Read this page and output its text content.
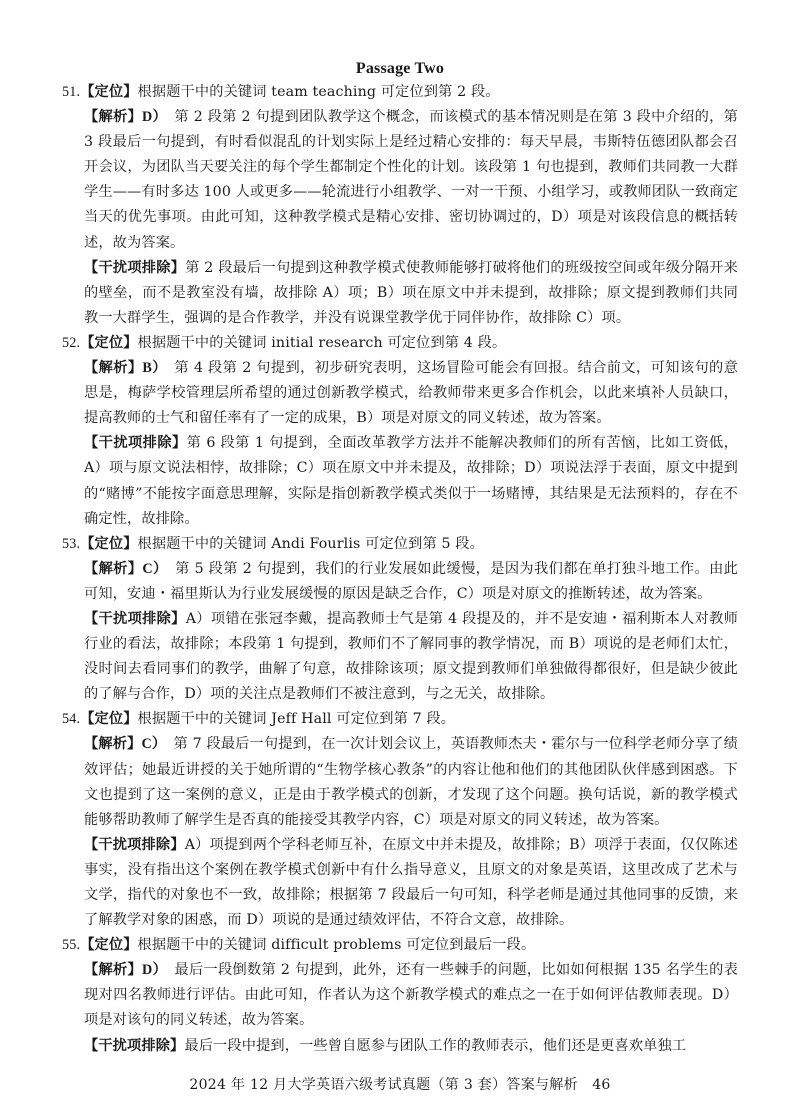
Passage Two

51.【定位】根据题干中的关键词 team teaching 可定位到第 2 段。

【解析】D）　第 2 段第 2 句提到团队教学这个概念，而该模式的基本情况则是在第 3 段中介绍的，第 3 段最后一句提到，有时看似混乱的计划实际上是经过精心安排的：每天早晨，韦斯特伍德团队都会召开会议，为团队当天要关注的每个学生都制定个性化的计划。该段第 1 句也提到，教师们共同教一大群学生——有时多达 100 人或更多——轮流进行小组教学、一对一干预、小组学习，或教师团队一致商定当天的优先事项。由此可知，这种教学模式是精心安排、密切协调过的，D）项是对该段信息的概括转述，故为答案。

【干扰项排除】第 2 段最后一句提到这种教学模式使教师能够打破将他们的班级按空间或年级分隔开来的壁垒，而不是教室没有墙，故排除 A）项；B）项在原文中并未提到，故排除；原文提到教师们共同教一大群学生，强调的是合作教学，并没有说课堂教学优于同伴协作，故排除 C）项。

52.【定位】根据题干中的关键词 initial research 可定位到第 4 段。

【解析】B）　第 4 段第 2 句提到，初步研究表明，这场冒险可能会有回报。结合前文，可知该句的意思是，梅萨学校管理层所希望的通过创新教学模式，给教师带来更多合作机会，以此来填补人员缺口，提高教师的士气和留任率有了一定的成果，B）项是对原文的同义转述，故为答案。

【干扰项排除】第 6 段第 1 句提到，全面改革教学方法并不能解决教师们的所有苦恼，比如工资低，A）项与原文说法相悖，故排除；C）项在原文中并未提及，故排除；D）项说法浮于表面，原文中提到的“赌博”不能按字面意思理解，实际是指创新教学模式类似于一场赌博，其结果是无法预料的，存在不确定性，故排除。

53.【定位】根据题干中的关键词 Andi Fourlis 可定位到第 5 段。

【解析】C）　第 5 段第 2 句提到，我们的行业发展如此缓慢，是因为我们都在单打独斗地工作。由此可知，安迪・福里斯认为行业发展缓慢的原因是缺乏合作，C）项是对原文的推断转述，故为答案。

【干扰项排除】A）项错在张冠李戴，提高教师士气是第 4 段提及的，并不是安迪・福利斯本人对教师行业的看法，故排除；本段第 1 句提到，教师们不了解同事的教学情况，而 B）项说的是老师们太忙，没时间去看同事们的教学，曲解了句意，故排除该项；原文提到教师们单独做得都很好，但是缺少彼此的了解与合作，D）项的关注点是教师们不被注意到，与之无关，故排除。

54.【定位】根据题干中的关键词 Jeff Hall 可定位到第 7 段。

【解析】C）　第 7 段最后一句提到，在一次计划会议上，英语教师杰夫・霍尔与一位科学老师分享了绩效评估；她最近讲授的关于她所谓的“生物学核心教条”的内容让他和他们的其他团队伙伴感到困惑。下文也提到了这一案例的意义，正是由于教学模式的创新，才发现了这个问题。换句话说，新的教学模式能够帮助教师了解学生是否真的能接受其教学内容，C）项是对原文的同义转述，故为答案。

【干扰项排除】A）项提到两个学科老师互补，在原文中并未提及，故排除；B）项浮于表面，仅仅陈述事实，没有指出这个案例在教学模式创新中有什么指导意义，且原文的对象是英语，这里改成了艺术与文学，指代的对象也不一致，故排除；根据第 7 段最后一句可知，科学老师是通过其他同事的反馈，来了解教学对象的困惑，而 D）项说的是通过绩效评估，不符合文意，故排除。

55.【定位】根据题干中的关键词 difficult problems 可定位到最后一段。

【解析】D）　最后一段倒数第 2 句提到，此外，还有一些棘手的问题，比如如何根据 135 名学生的表现对四名教师进行评估。由此可知，作者认为这个新教学模式的难点之一在于如何评估教师表现。D）项是对该句的同义转述，故为答案。

【干扰项排除】最后一段中提到，一些曾自愿参与团队工作的教师表示，他们还是更喜欢单独工

2024 年 12 月大学英语六级考试真题（第 3 套）答案与解析　46
